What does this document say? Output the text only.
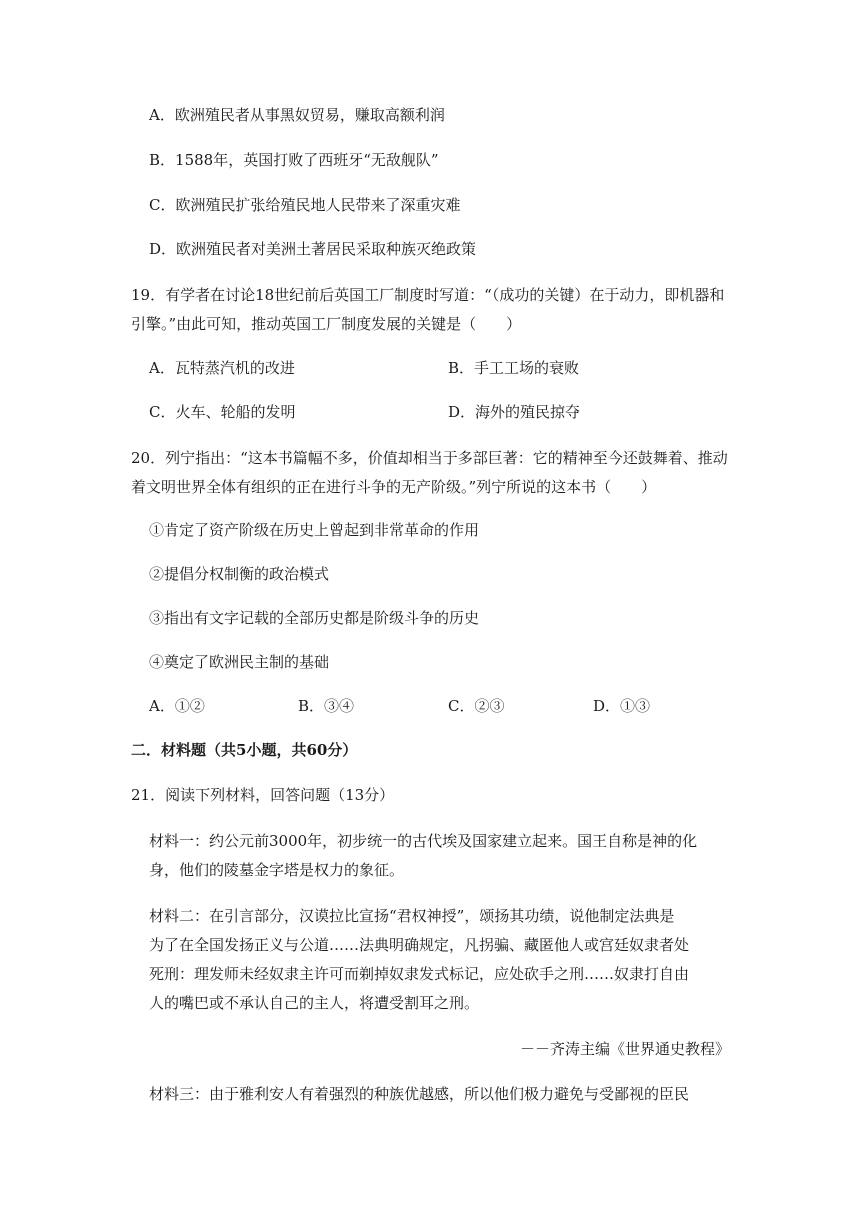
A．欧洲殖民者从事黑奴贸易，赚取高额利润
B．1588年，英国打败了西班牙“无敌舰队”
C．欧洲殖民扩张给殖民地人民带来了深重灾难
D．欧洲殖民者对美洲土著居民采取种族灭绝政策
19．有学者在讨论18世纪前后英国工厂制度时写道：“（成功的关键）在于动力，即机器和
引擎。”由此可知，推动英国工厂制度发展的关键是（　　）
A．瓦特蒸汽机的改进	B．手工工场的衰败
C．火车、轮船的发明	D．海外的殖民掠夺
20．列宁指出：“这本书篇幅不多，价值却相当于多部巨著：它的精神至今还鼓舞着、推动
着文明世界全体有组织的正在进行斗争的无产阶级。”列宁所说的这本书（　　）
①肯定了资产阶级在历史上曾起到非常革命的作用
②提倡分权制衡的政治模式
③指出有文字记载的全部历史都是阶级斗争的历史
④奠定了欧洲民主制的基础
A．①②	B．③④	C．②③	D．①③
二．材料题（共5小题，共60分）
21．阅读下列材料，回答问题（13分）
材料一：约公元前3000年，初步统一的古代埃及国家建立起来。国王自称是神的化
身，他们的陵墓金字塔是权力的象征。
材料二：在引言部分，汉谟拉比宣扬“君权神授”，颂扬其功绩，说他制定法典是
为了在全国发扬正义与公道……法典明确规定，凡拐骗、藏匿他人或宫廷奴隶者处
死刑：理发师未经奴隶主许可而剃掉奴隶发式标记，应处砍手之刑……奴隶打自由
人的嘴巴或不承认自己的主人，将遭受割耳之刑。
－－齐涛主编《世界通史教程》
材料三：由于雅利安人有着强烈的种族优越感，所以他们极力避免与受鄙视的臣民
